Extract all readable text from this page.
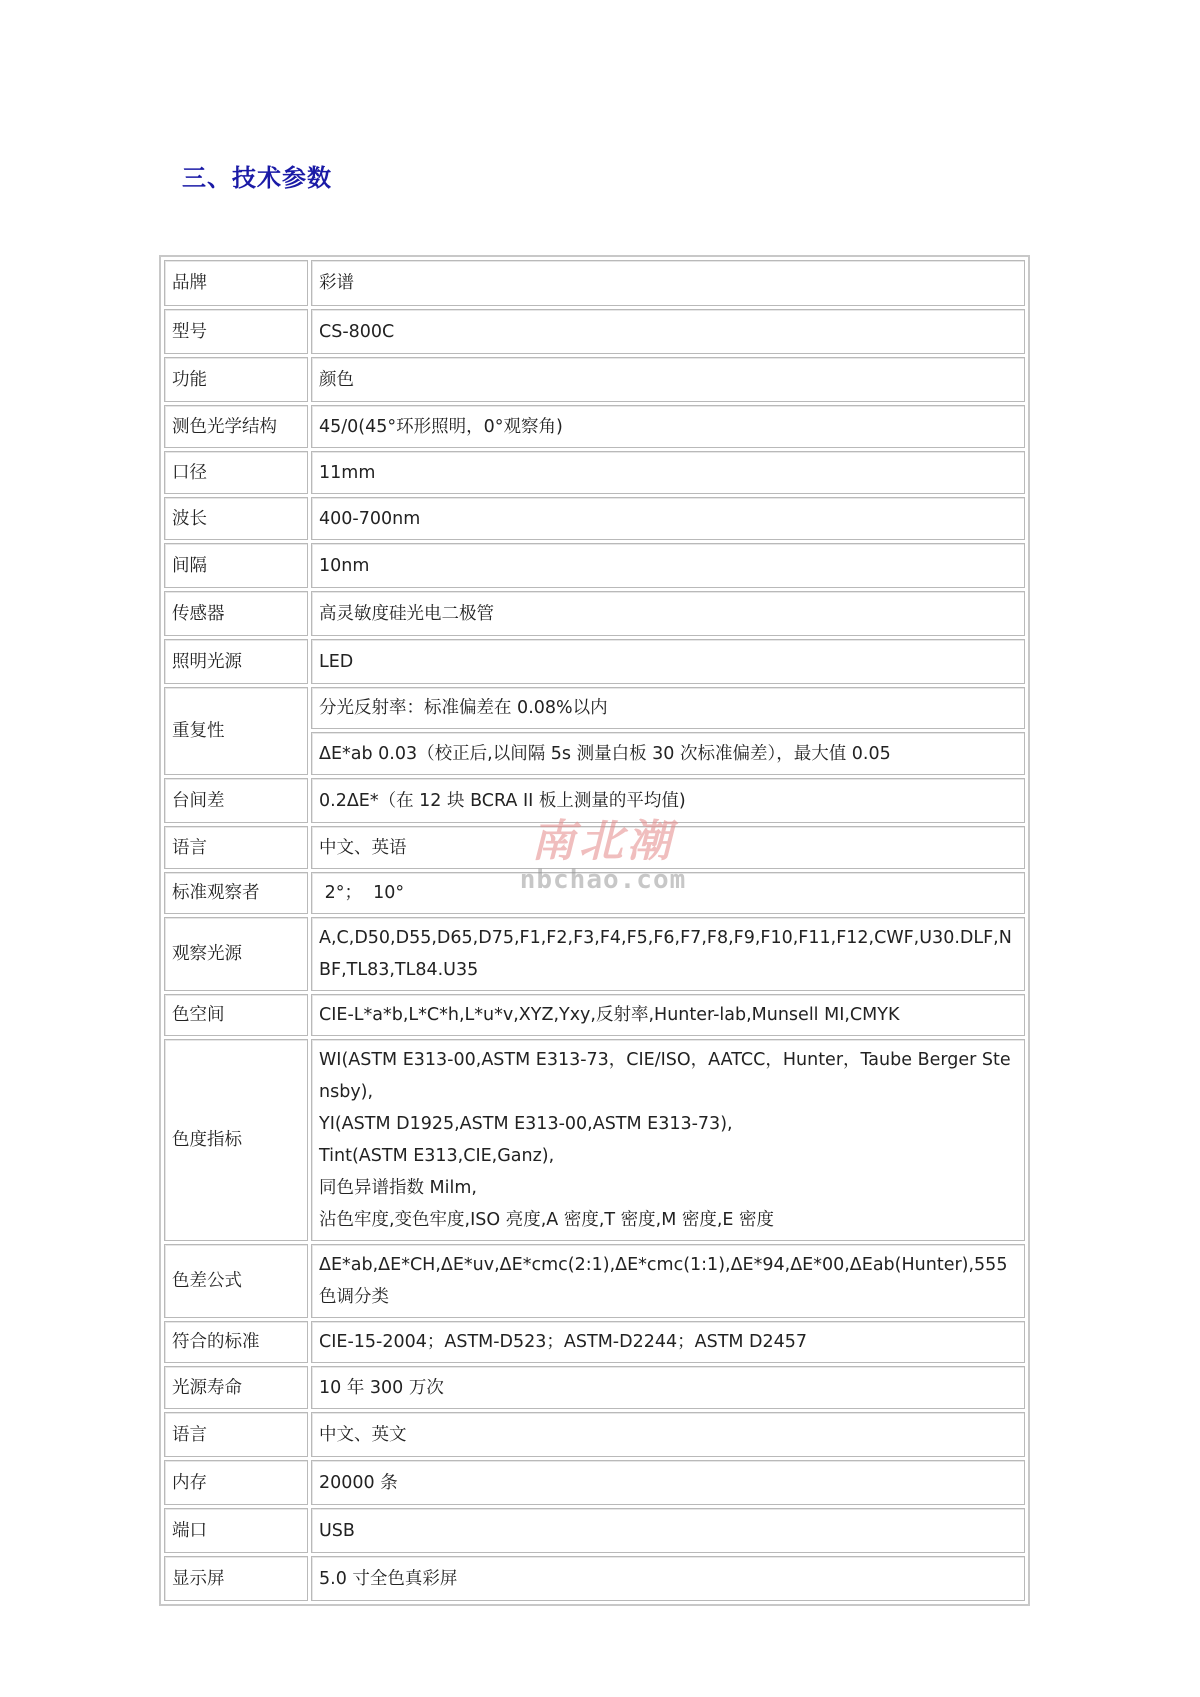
三、技术参数
品牌	彩谱
型号	CS-800C
功能	颜色
测色光学结构	45/0(45°环形照明，0°观察角)
口径	11mm
波长	400-700nm
间隔	10nm
传感器	高灵敏度硅光电二极管
照明光源	LED
重复性	分光反射率：标准偏差在 0.08%以内
	ΔE*ab 0.03（校正后,以间隔 5s 测量白板 30 次标准偏差），最大值 0.05
台间差	0.2ΔE*（在 12 块 BCRA II 板上测量的平均值)
语言	中文、英语
标准观察者	2°；  10°
观察光源	A,C,D50,D55,D65,D75,F1,F2,F3,F4,F5,F6,F7,F8,F9,F10,F11,F12,CWF,U30.DLF,NBF,TL83,TL84.U35
色空间	CIE-L*a*b,L*C*h,L*u*v,XYZ,Yxy,反射率,Hunter-lab,Munsell MI,CMYK
色度指标	WI(ASTM E313-00,ASTM E313-73，CIE/ISO，AATCC，Hunter，Taube Berger Stensby),
YI(ASTM D1925,ASTM E313-00,ASTM E313-73),
Tint(ASTM E313,CIE,Ganz),
同色异谱指数 Milm,
沾色牢度,变色牢度,ISO 亮度,A 密度,T 密度,M 密度,E 密度

色差公式	ΔE*ab,ΔE*CH,ΔE*uv,ΔE*cmc(2:1),ΔE*cmc(1:1),ΔE*94,ΔE*00,ΔEab(Hunter),555 色调分类
符合的标准	CIE-15-2004；ASTM-D523；ASTM-D2244；ASTM D2457
光源寿命	10 年 300 万次
语言	中文、英文
内存	20000 条
端口	USB
显示屏	5.0 寸全色真彩屏
南北潮
nbchao.com
